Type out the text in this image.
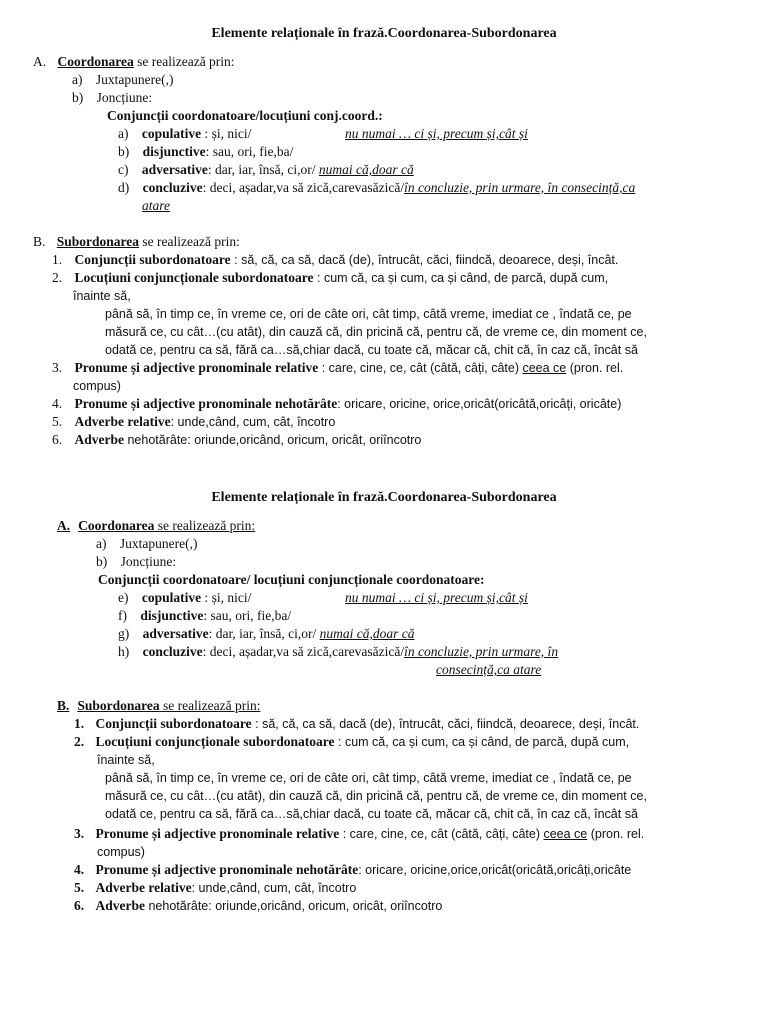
Elemente relaționale în frază.Coordonarea-Subordonarea
A. Coordonarea se realizează prin:
a) Juxtapunere(,)
b) Joncțiune:
Conjuncții coordonatoare/locuțiuni conj.coord.:
a) copulative : și, nici/	nu numai … ci și, precum și,cât și
b) disjunctive: sau, ori, fie,ba/
c) adversative: dar, iar, însă, ci,or/ numai că,doar că
d) concluzive: deci, așadar,va să zică,carevasăzică/în concluzie, prin urmare, în consecință,ca
atare
B. Subordonarea se realizează prin:
1. Conjuncții subordonatoare : să, că, ca să, dacă (de), întrucât, căci, fiindcă, deoarece, deși, încât.
2. Locuțiuni conjuncționale subordonatoare : cum că, ca și cum, ca și când, de parcă, după cum,
înainte să,
până să, în timp ce, în vreme ce, ori de câte ori, cât timp, câtă vreme, imediat ce , îndată ce, pe
măsură ce, cu cât…(cu atât), din cauză că, din pricină că, pentru că, de vreme ce, din moment ce,
odată ce, pentru ca să, fără ca…să,chiar dacă, cu toate că, măcar că, chit că, în caz că, încât să
3. Pronume și adjective pronominale relative : care, cine, ce, cât (câtă, câți, câte) ceea ce (pron. rel.
compus)
4. Pronume și adjective pronominale nehotărâte: oricare, oricine, orice,oricât(oricâtă,oricâți, oricâte)
5. Adverbe relative: unde,când, cum, cât, încotro
6. Adverbe nehotărâte: oriunde,oricând, oricum, oricât, oriîncotro
Elemente relaționale în frază.Coordonarea-Subordonarea
A. Coordonarea se realizează prin:
a) Juxtapunere(,)
b) Joncțiune:
Conjuncții coordonatoare/ locuțiuni conjuncționale coordonatoare:
e) copulative : și, nici/	nu numai … ci și, precum și,cât și
f) disjunctive: sau, ori, fie,ba/
g) adversative: dar, iar, însă, ci,or/ numai că,doar că
h) concluzive: deci, așadar,va să zică,carevasăzică/în concluzie, prin urmare, în
consecință,ca atare
B. Subordonarea se realizează prin:
1. Conjuncții subordonatoare : să, că, ca să, dacă (de), întrucât, căci, fiindcă, deoarece, deși, încât.
2. Locuțiuni conjuncționale subordonatoare : cum că, ca și cum, ca și când, de parcă, după cum,
înainte să,
până să, în timp ce, în vreme ce, ori de câte ori, cât timp, câtă vreme, imediat ce , îndată ce, pe
măsură ce, cu cât…(cu atât), din cauză că, din pricină că, pentru că, de vreme ce, din moment ce,
odată ce, pentru ca să, fără ca…să,chiar dacă, cu toate că, măcar că, chit că, în caz că, încât să
3. Pronume și adjective pronominale relative : care, cine, ce, cât (câtă, câți, câte) ceea ce (pron. rel.
compus)
4. Pronume și adjective pronominale nehotărâte: oricare, oricine,orice,oricât(oricâtă,oricâți,oricâte
5. Adverbe relative: unde,când, cum, cât, încotro
6. Adverbe nehotărâte: oriunde,oricând, oricum, oricât, oriîncotro
